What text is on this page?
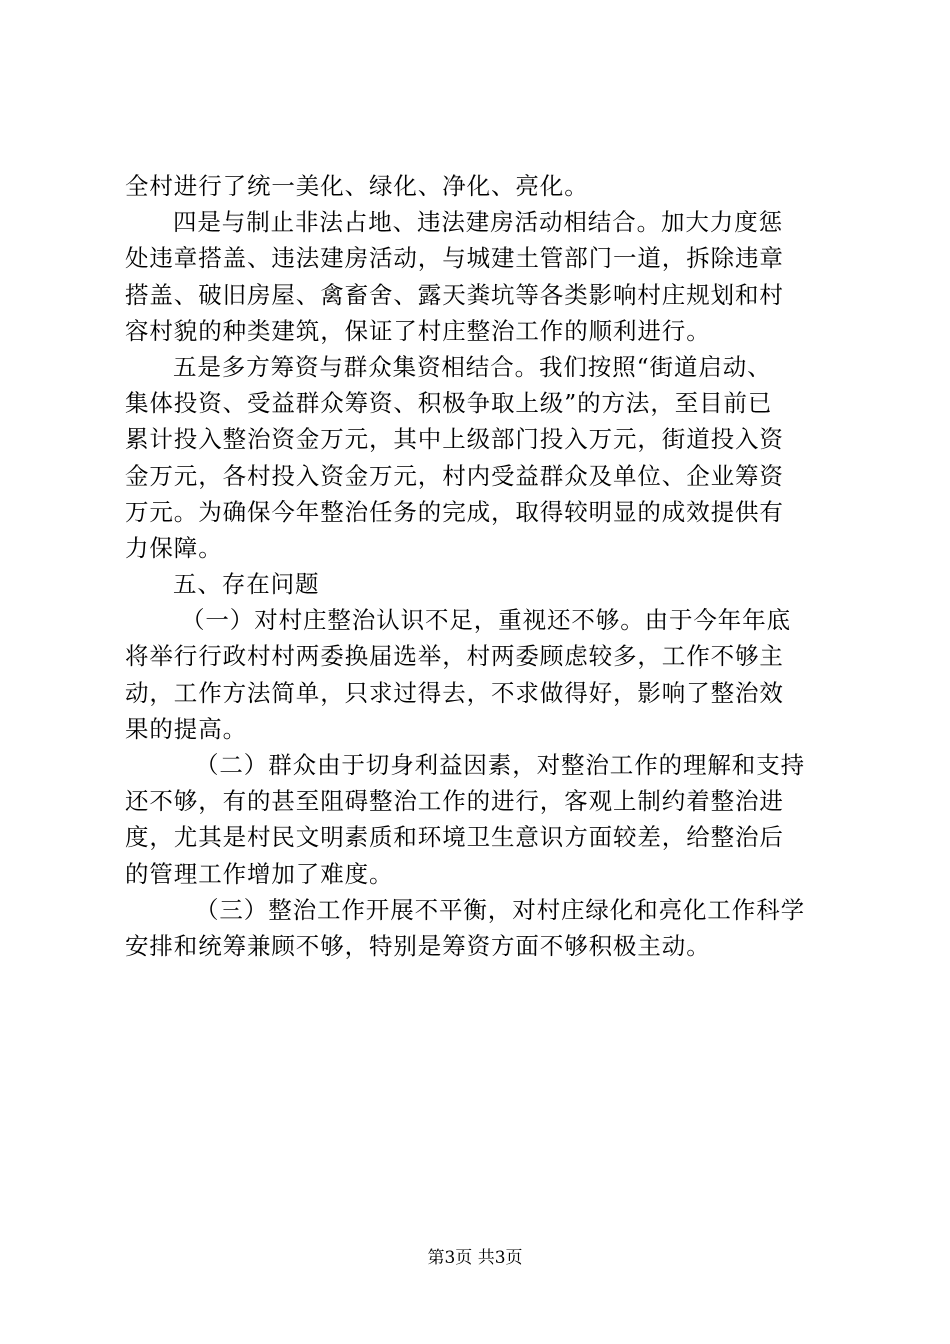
全村进行了统一美化、绿化、净化、亮化。
四是与制止非法占地、违法建房活动相结合。加大力度惩
处违章搭盖、违法建房活动，与城建土管部门一道，拆除违章
搭盖、破旧房屋、禽畜舍、露天粪坑等各类影响村庄规划和村
容村貌的种类建筑，保证了村庄整治工作的顺利进行。
五是多方筹资与群众集资相结合。我们按照“街道启动、
集体投资、受益群众筹资、积极争取上级”的方法，至目前已
累计投入整治资金万元，其中上级部门投入万元，街道投入资
金万元，各村投入资金万元，村内受益群众及单位、企业筹资
万元。为确保今年整治任务的完成，取得较明显的成效提供有
力保障。
五、存在问题
（一）对村庄整治认识不足，重视还不够。由于今年年底
将举行行政村村两委换届选举，村两委顾虑较多，工作不够主
动，工作方法简单，只求过得去，不求做得好，影响了整治效
果的提高。
（二）群众由于切身利益因素，对整治工作的理解和支持
还不够，有的甚至阻碍整治工作的进行，客观上制约着整治进
度，尤其是村民文明素质和环境卫生意识方面较差，给整治后
的管理工作增加了难度。
（三）整治工作开展不平衡，对村庄绿化和亮化工作科学
安排和统筹兼顾不够，特别是筹资方面不够积极主动。
第3页 共3页
